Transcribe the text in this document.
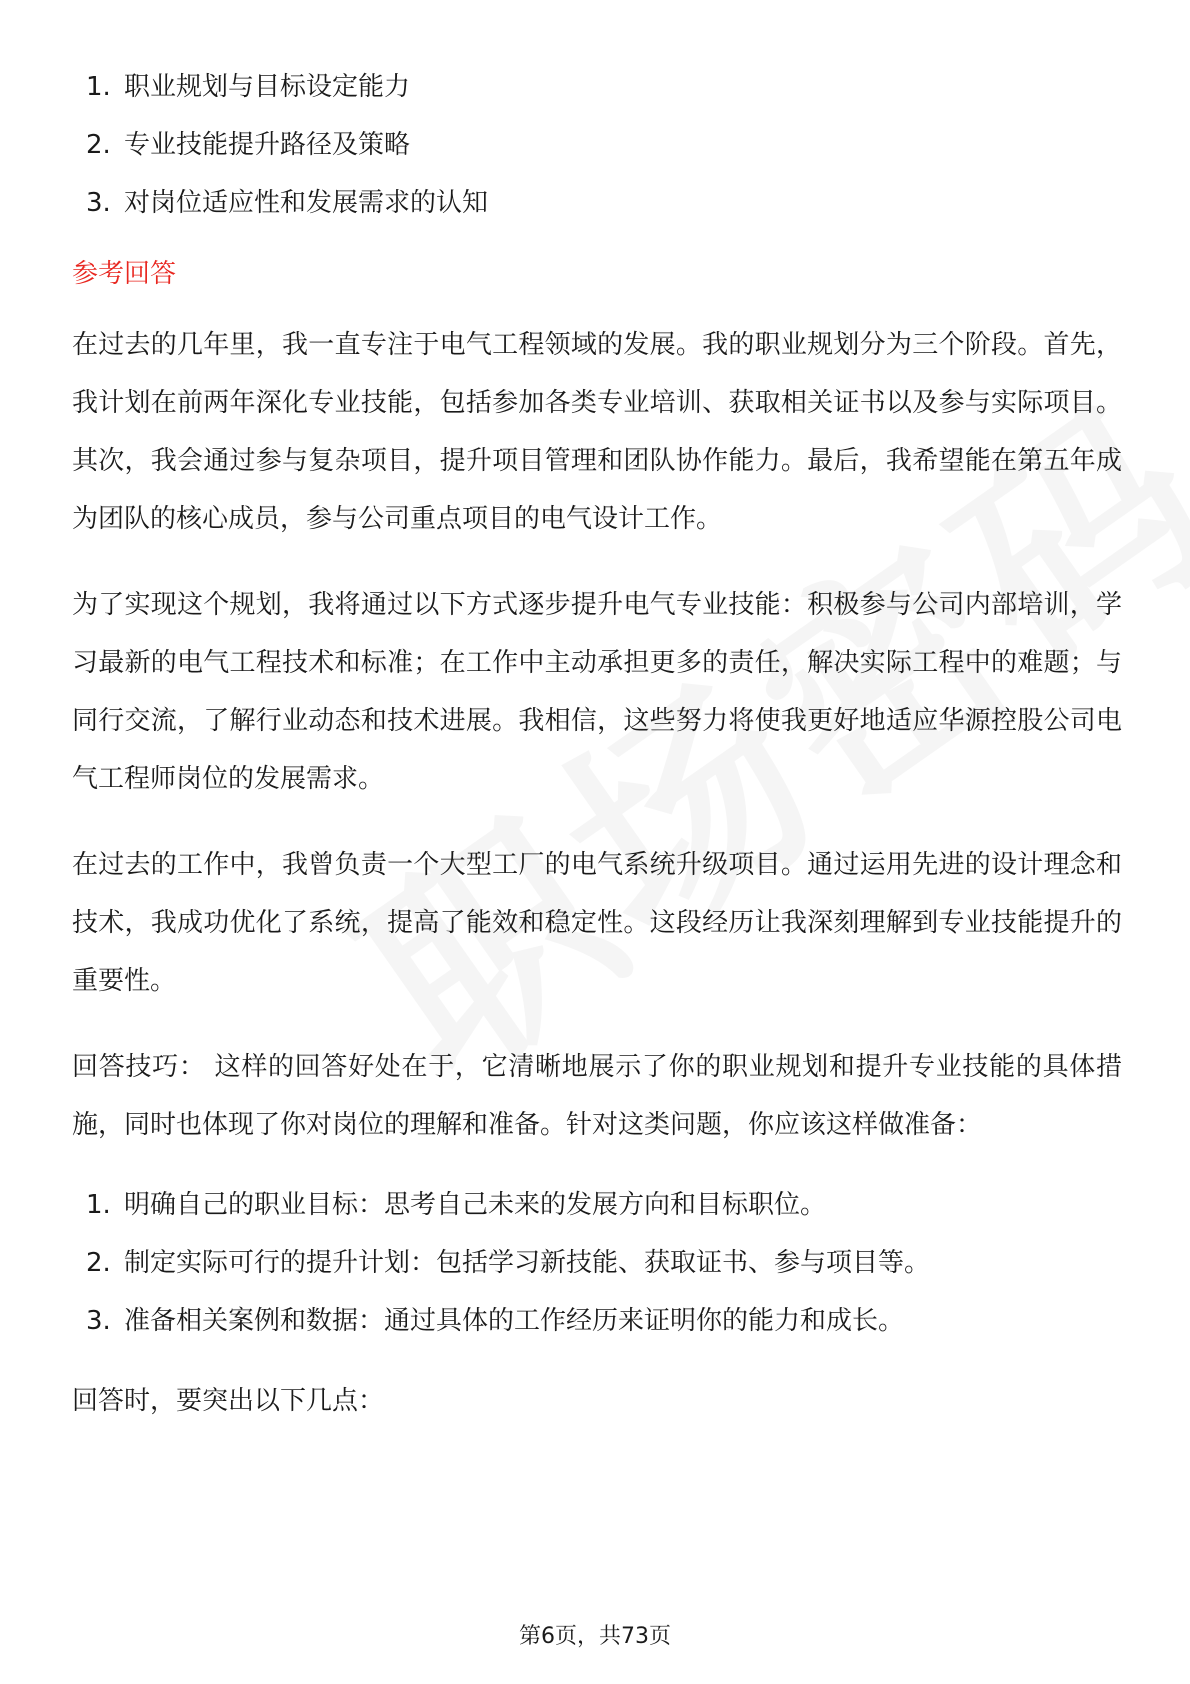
1. 职业规划与目标设定能力
2. 专业技能提升路径及策略
3. 对岗位适应性和发展需求的认知
参考回答

在过去的几年里，我一直专注于电气工程领域的发展。我的职业规划分为三个阶段。首先，我计划在前两年深化专业技能，包括参加各类专业培训、获取相关证书以及参与实际项目。其次，我会通过参与复杂项目，提升项目管理和团队协作能力。最后，我希望能在第五年成为团队的核心成员，参与公司重点项目的电气设计工作。

为了实现这个规划，我将通过以下方式逐步提升电气专业技能：积极参与公司内部培训，学习最新的电气工程技术和标准；在工作中主动承担更多的责任，解决实际工程中的难题；与同行交流，了解行业动态和技术进展。我相信，这些努力将使我更好地适应华源控股公司电气工程师岗位的发展需求。

在过去的工作中，我曾负责一个大型工厂的电气系统升级项目。通过运用先进的设计理念和技术，我成功优化了系统，提高了能效和稳定性。这段经历让我深刻理解到专业技能提升的重要性。

回答技巧： 这样的回答好处在于，它清晰地展示了你的职业规划和提升专业技能的具体措施，同时也体现了你对岗位的理解和准备。针对这类问题，你应该这样做准备：

1. 明确自己的职业目标：思考自己未来的发展方向和目标职位。
2. 制定实际可行的提升计划：包括学习新技能、获取证书、参与项目等。
3. 准备相关案例和数据：通过具体的工作经历来证明你的能力和成长。

回答时，要突出以下几点：

第6页，共73页
